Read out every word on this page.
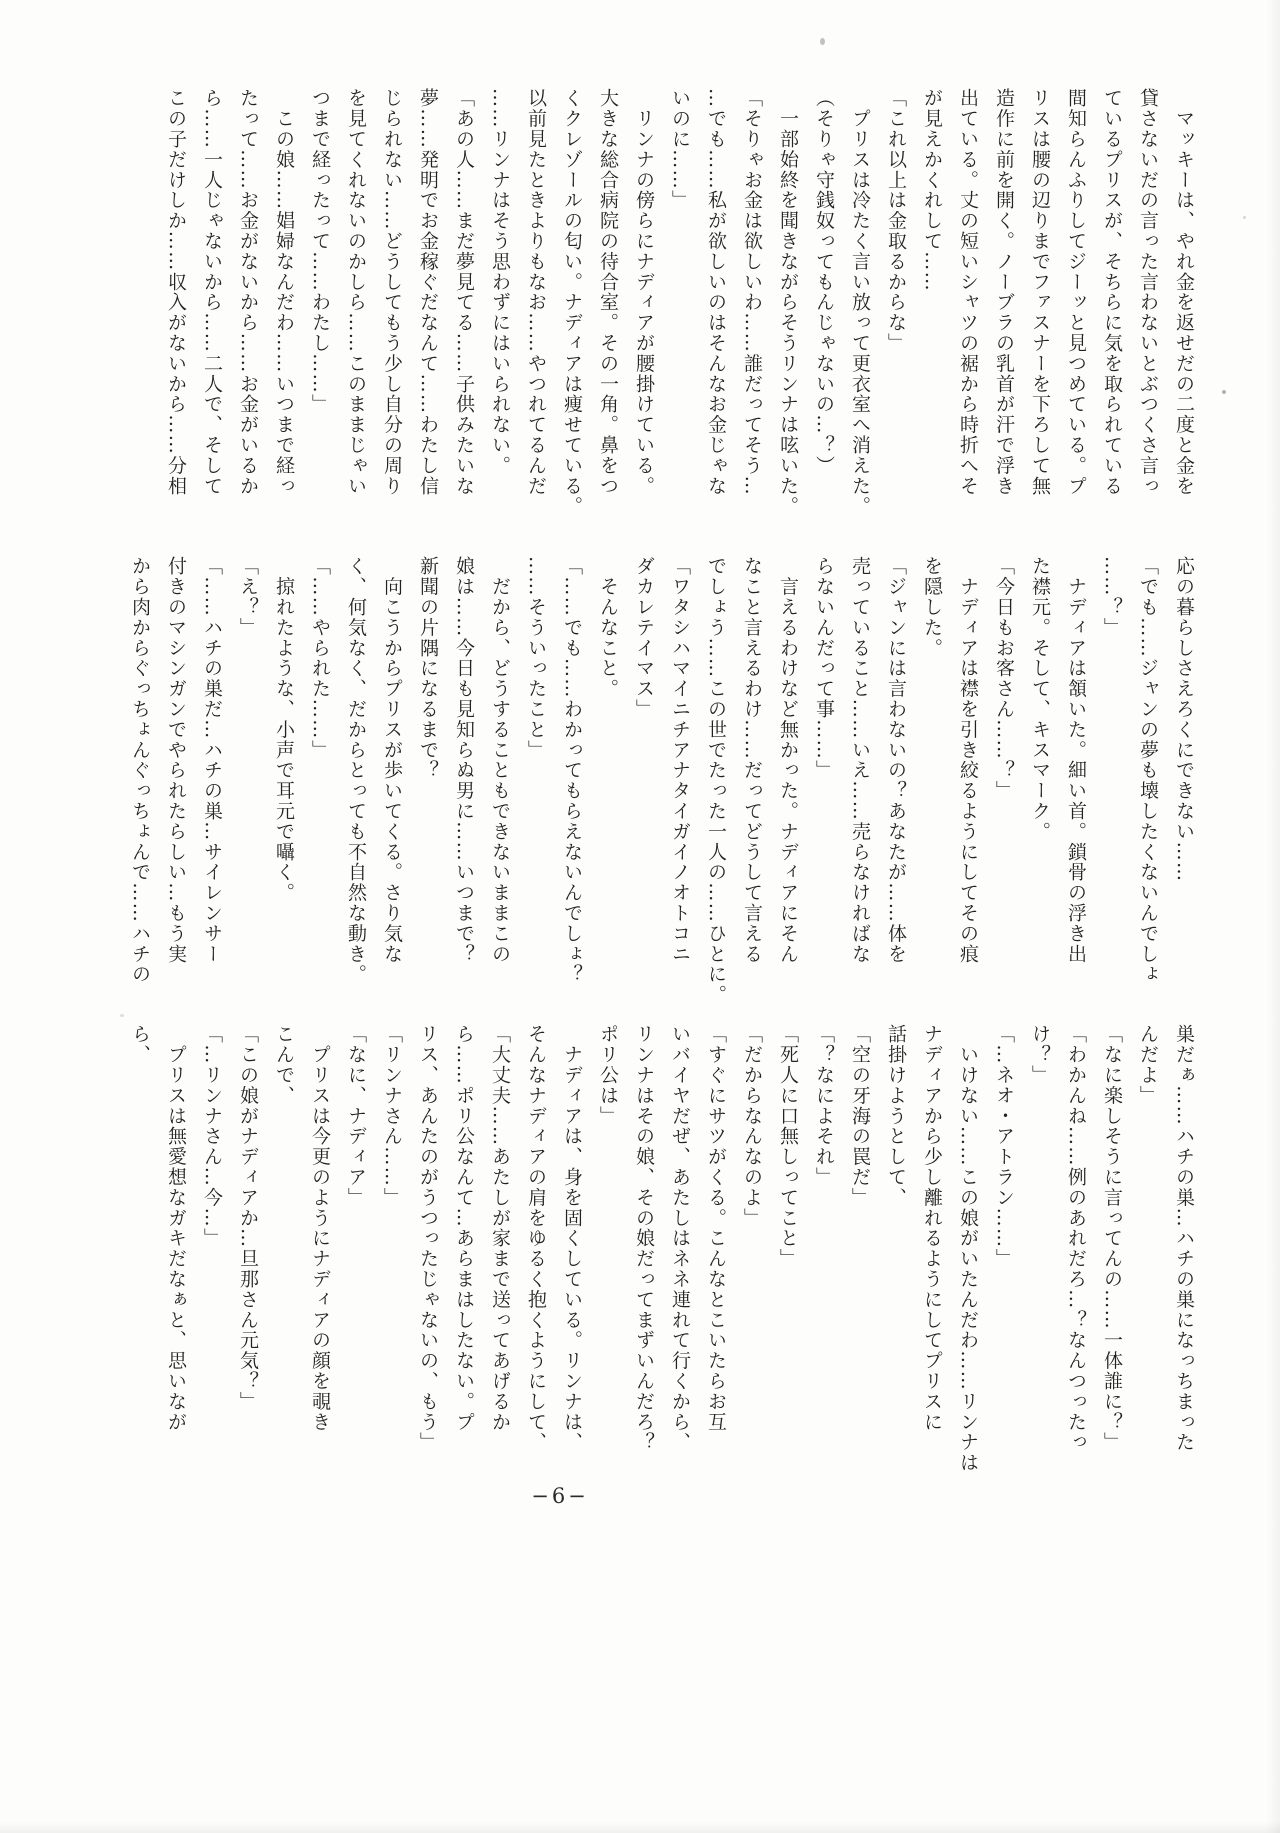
　マッキーは、やれ金を返せだの二度と金を

貸さないだの言った言わないとぶつくさ言っ

ているプリスが、そちらに気を取られている

間知らんふりしてジーッと見つめている。プ

リスは腰の辺りまでファスナーを下ろして無

造作に前を開く。ノーブラの乳首が汗で浮き

出ている。丈の短いシャツの裾から時折へそ

が見えかくれして……

「これ以上は金取るからな」

　プリスは冷たく言い放って更衣室へ消えた。

（そりゃ守銭奴ってもんじゃないの…？）

　一部始終を聞きながらそうリンナは呟いた。

「そりゃお金は欲しいわ……誰だってそう…

…でも……私が欲しいのはそんなお金じゃな

いのに……」

　リンナの傍らにナディアが腰掛けている。

大きな総合病院の待合室。その一角。鼻をつ

くクレゾールの匂い。ナディアは痩せている。

以前見たときよりもなお……やつれてるんだ

……リンナはそう思わずにはいられない。

「あの人……まだ夢見てる……子供みたいな

夢……発明でお金稼ぐだなんて……わたし信

じられない……どうしてもう少し自分の周り

を見てくれないのかしら……このままじゃい

つまで経ったって……わたし……」

　この娘……娼婦なんだわ……いつまで経っ

たって……お金がないから……お金がいるか

ら……一人じゃないから……二人で、そして

この子だけしか……収入がないから……分相

応の暮らしさえろくにできない……

「でも……ジャンの夢も壊したくないんでしょ

……？」

　ナディアは頷いた。細い首。鎖骨の浮き出

た襟元。そして、キスマーク。

「今日もお客さん……？」

　ナディアは襟を引き絞るようにしてその痕

を隠した。

「ジャンには言わないの？あなたが……体を

売っていること……いえ……売らなければな

らないんだって事……」

　言えるわけなど無かった。ナディアにそん

なこと言えるわけ……だってどうして言える

でしょう……この世でたった一人の……ひとに。

「ワタシハマイニチアナタイガイノオトコニ

ダカレテイマス」

　そんなこと。

「……でも……わかってもらえないんでしょ？

……そういったこと」

　だから、どうすることもできないままこの

娘は……今日も見知らぬ男に……いつまで？

新聞の片隅になるまで？

　向こうからプリスが歩いてくる。さり気な

く、何気なく、だからとっても不自然な動き。

「……やられた……」

　掠れたような、小声で耳元で囁く。

「え？」

「……ハチの巣だ…ハチの巣…サイレンサー

付きのマシンガンでやられたらしい…もう実

から肉からぐっちょんぐっちょんで……ハチの

巣だぁ……ハチの巣…ハチの巣になっちまった

んだよ」

「なに楽しそうに言ってんの……一体誰に？」

「わかんね……例のあれだろ…？なんつったっ

け？」

「…ネオ・アトラン……」

　いけない……この娘がいたんだわ……リンナは

ナディアから少し離れるようにしてプリスに

話掛けようとして、

「空の牙海の罠だ」

「？なによそれ」

「死人に口無しってこと」

「だからなんなのよ」

「すぐにサツがくる。こんなとこいたらお互

いバイヤだぜ、あたしはネネ連れて行くから、

リンナはその娘、その娘だってまずいんだろ？

ポリ公は」

　ナディアは、身を固くしている。リンナは、

そんなナディアの肩をゆるく抱くようにして、

「大丈夫……あたしが家まで送ってあげるか

ら……ポリ公なんて…あらまはしたない。プ

リス、あんたのがうつったじゃないの、もう」

「リンナさん……」

「なに、ナディア」

　プリスは今更のようにナディアの顔を覗き

こんで、

「この娘がナディアか…旦那さん元気？」

「…リンナさん…今…」

　プリスは無愛想なガキだなぁと、思いなが

ら、

−6−
